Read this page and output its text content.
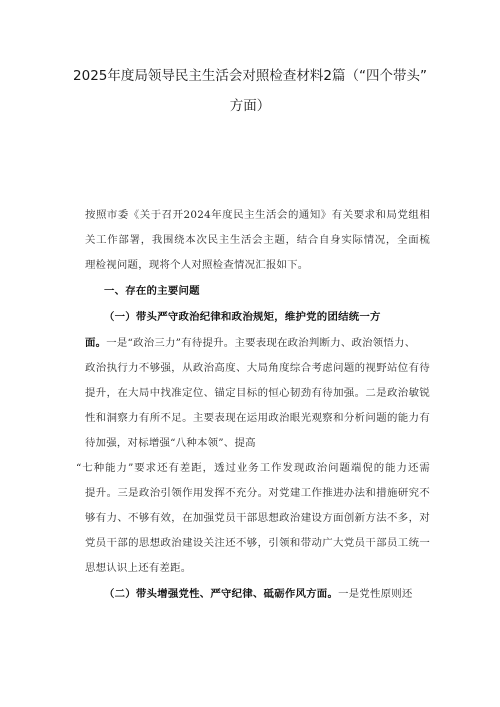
2025年度局领导民主生活会对照检查材料2篇（“四个带头”
方面）
按照市委《关于召开2024年度民主生活会的通知》有关要求和局党组相
关工作部署，我围绕本次民主生活会主题，结合自身实际情况，全面梳
理检视问题，现将个人对照检查情况汇报如下。
一、存在的主要问题
（一）带头严守政治纪律和政治规矩，维护党的团结统一方
面。一是“政治三力”有待提升。主要表现在政治判断力、政治领悟力、
政治执行力不够强，从政治高度、大局角度综合考虑问题的视野站位有待
提升，在大局中找准定位、锚定目标的恒心韧劲有待加强。二是政治敏锐
性和洞察力有所不足。主要表现在运用政治眼光观察和分析问题的能力有
待加强，对标增强“八种本领”、提高
“七种能力”要求还有差距，透过业务工作发现政治问题端倪的能力还需
提升。三是政治引领作用发挥不充分。对党建工作推进办法和措施研究不
够有力、不够有效，在加强党员干部思想政治建设方面创新方法不多，对
党员干部的思想政治建设关注还不够，引领和带动广大党员干部员工统一
思想认识上还有差距。
（二）带头增强党性、严守纪律、砥砺作风方面。一是党性原则还
